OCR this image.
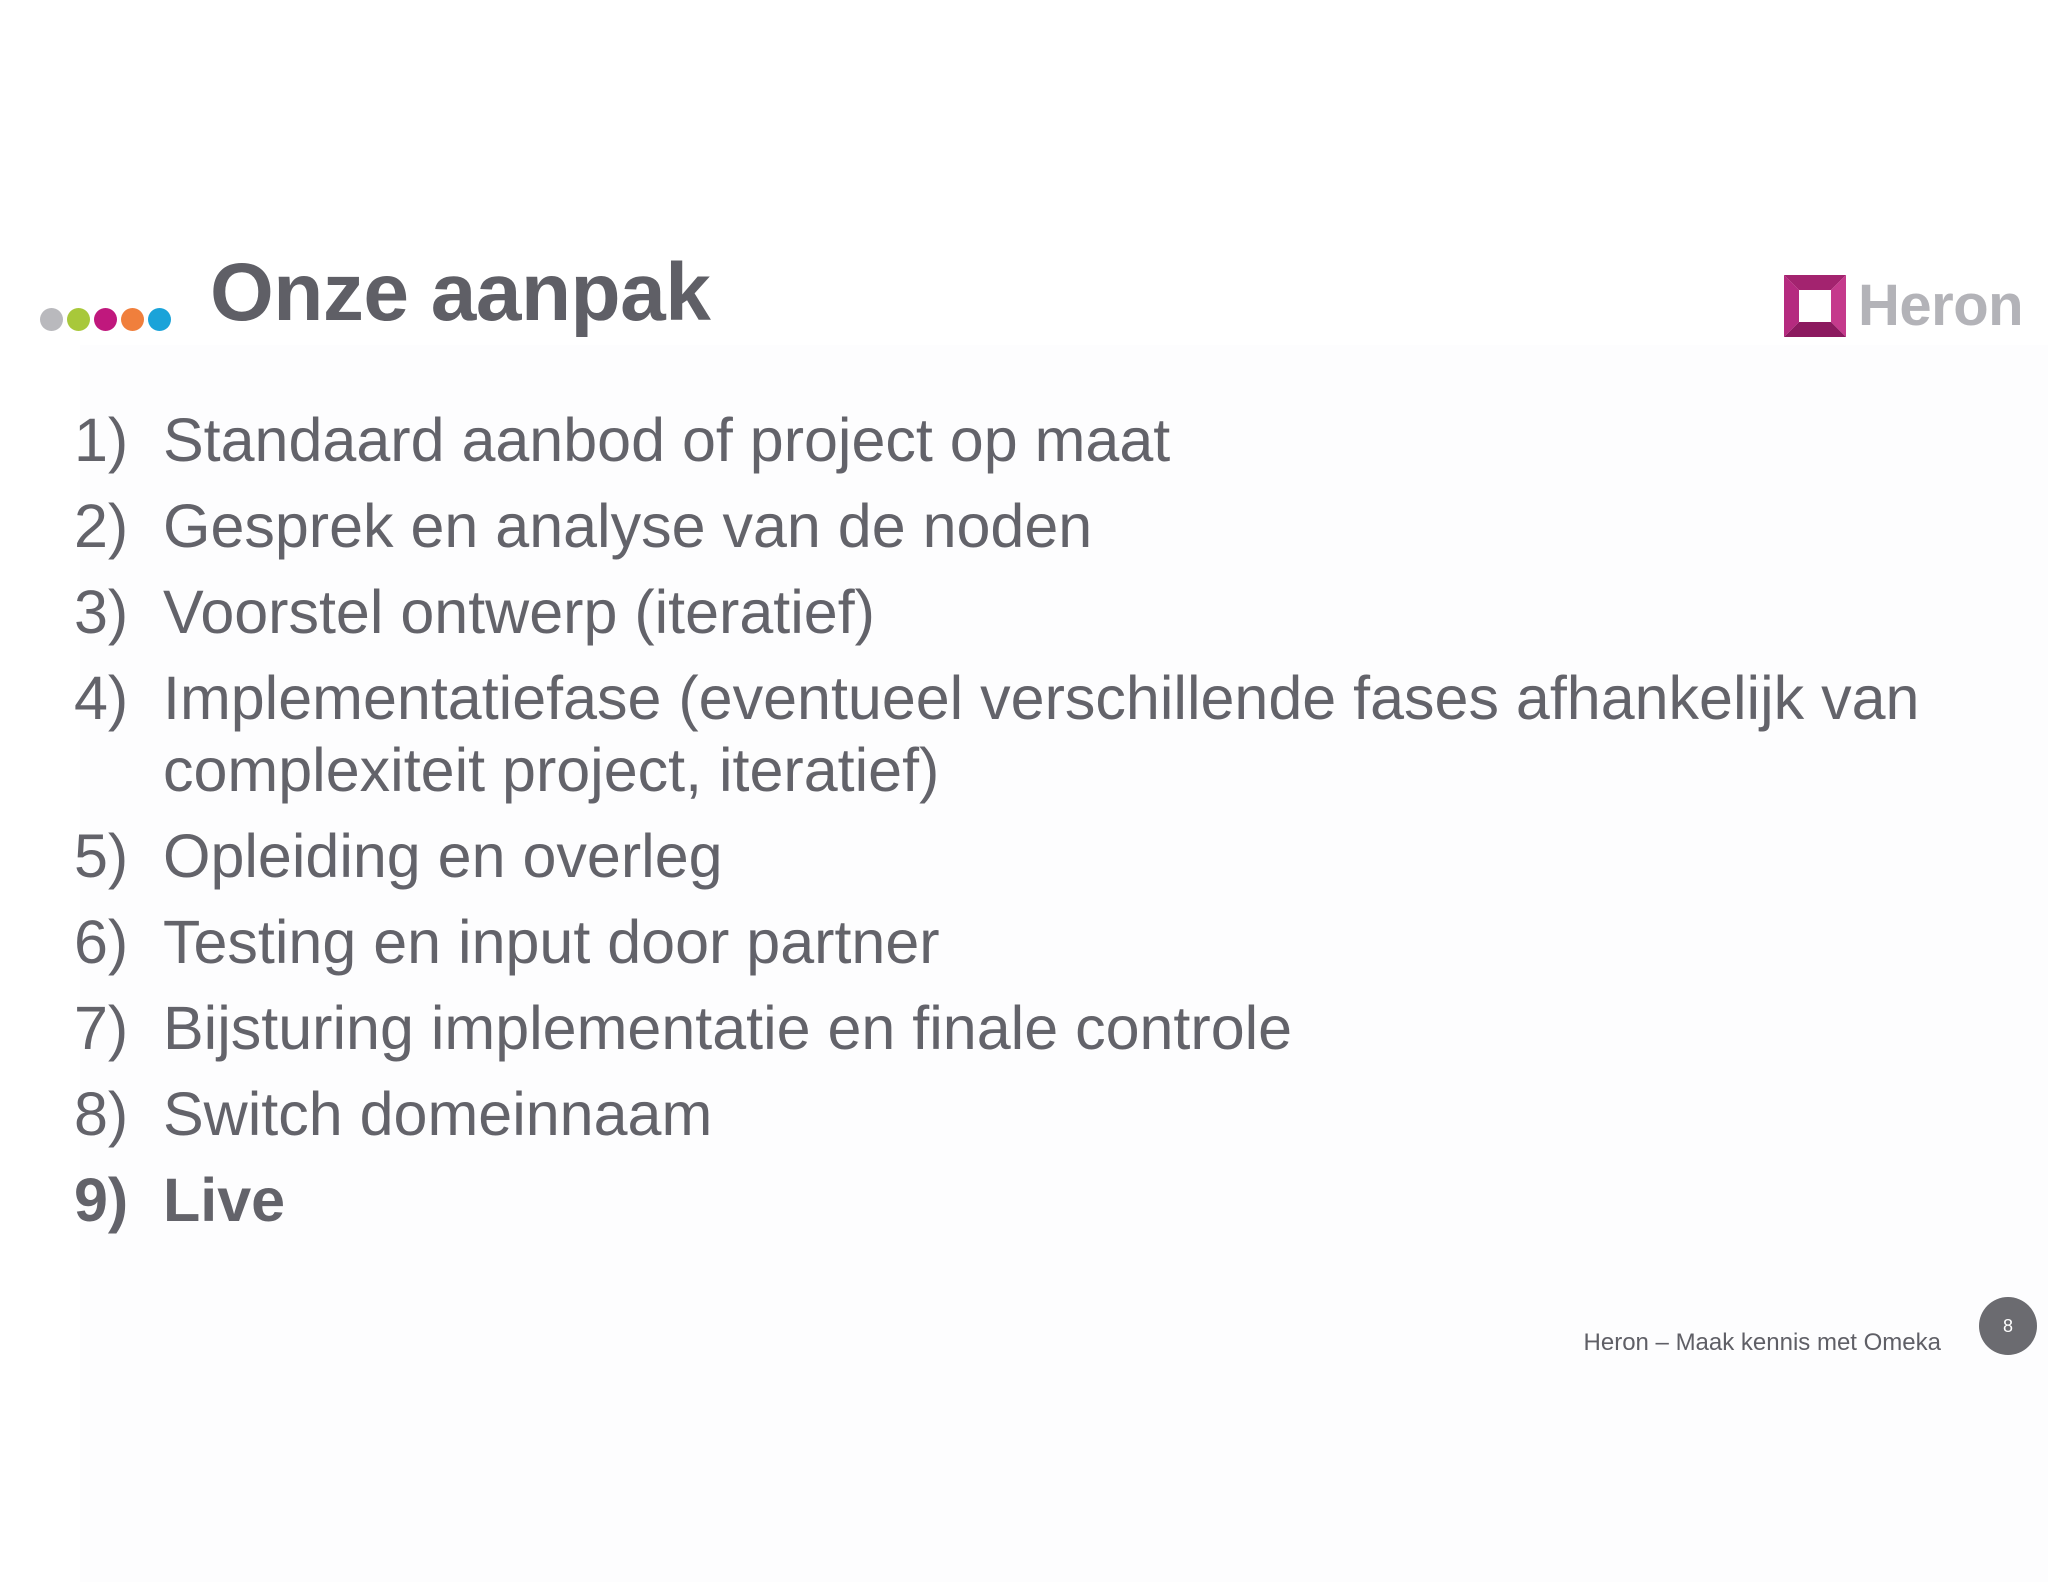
Onze aanpak	Heron
1) Standaard aanbod of project op maat
2) Gesprek en analyse van de noden
3) Voorstel ontwerp (iteratief)
4) Implementatiefase (eventueel verschillende fases afhankelijk van complexiteit project, iteratief)
5) Opleiding en overleg
6) Testing en input door partner
7) Bijsturing implementatie en finale controle
8) Switch domeinnaam
9) Live
Heron – Maak kennis met Omeka
8
